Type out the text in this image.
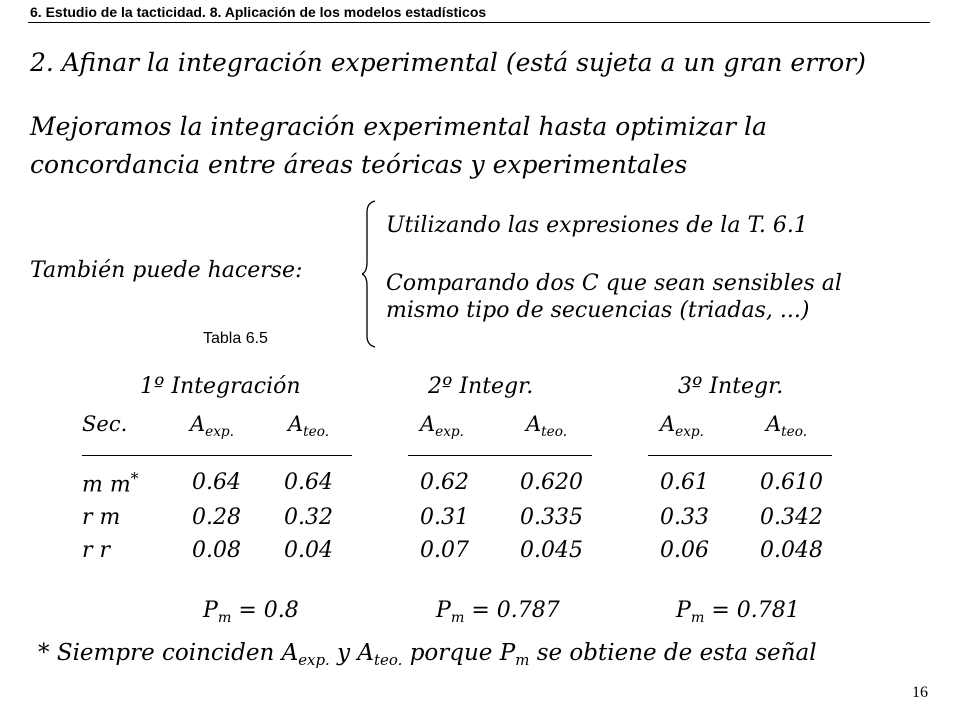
6. Estudio de la tacticidad. 8. Aplicación de los modelos estadísticos
2. Afinar la integración experimental (está sujeta a un gran error)
Mejoramos la integración experimental hasta optimizar la
concordancia entre áreas teóricas y experimentales
También puede hacerse:
Utilizando las expresiones de la T. 6.1
Comparando dos C que sean sensibles al
mismo tipo de secuencias (triadas, ...)
Tabla 6.5
1º Integración	2º Integr.	3º Integr.
Sec.	$A_{exp.}$	$A_{teo.}$	$A_{exp.}$	$A_{teo.}$	$A_{exp.}$	$A_{teo.}$
m m* 0.64 0.64	0.62 0.620	0.61 0.610
r m	0.28 0.32	0.31 0.335	0.33 0.342
r r	0.08 0.04	0.07 0.045	0.06 0.048
$P_m = 0.8$	$P_m = 0.787$	$P_m = 0.781$
* Siempre coinciden $A_{exp.}$ y $A_{teo.}$ porque $P_m$ se obtiene de esta señal
16
